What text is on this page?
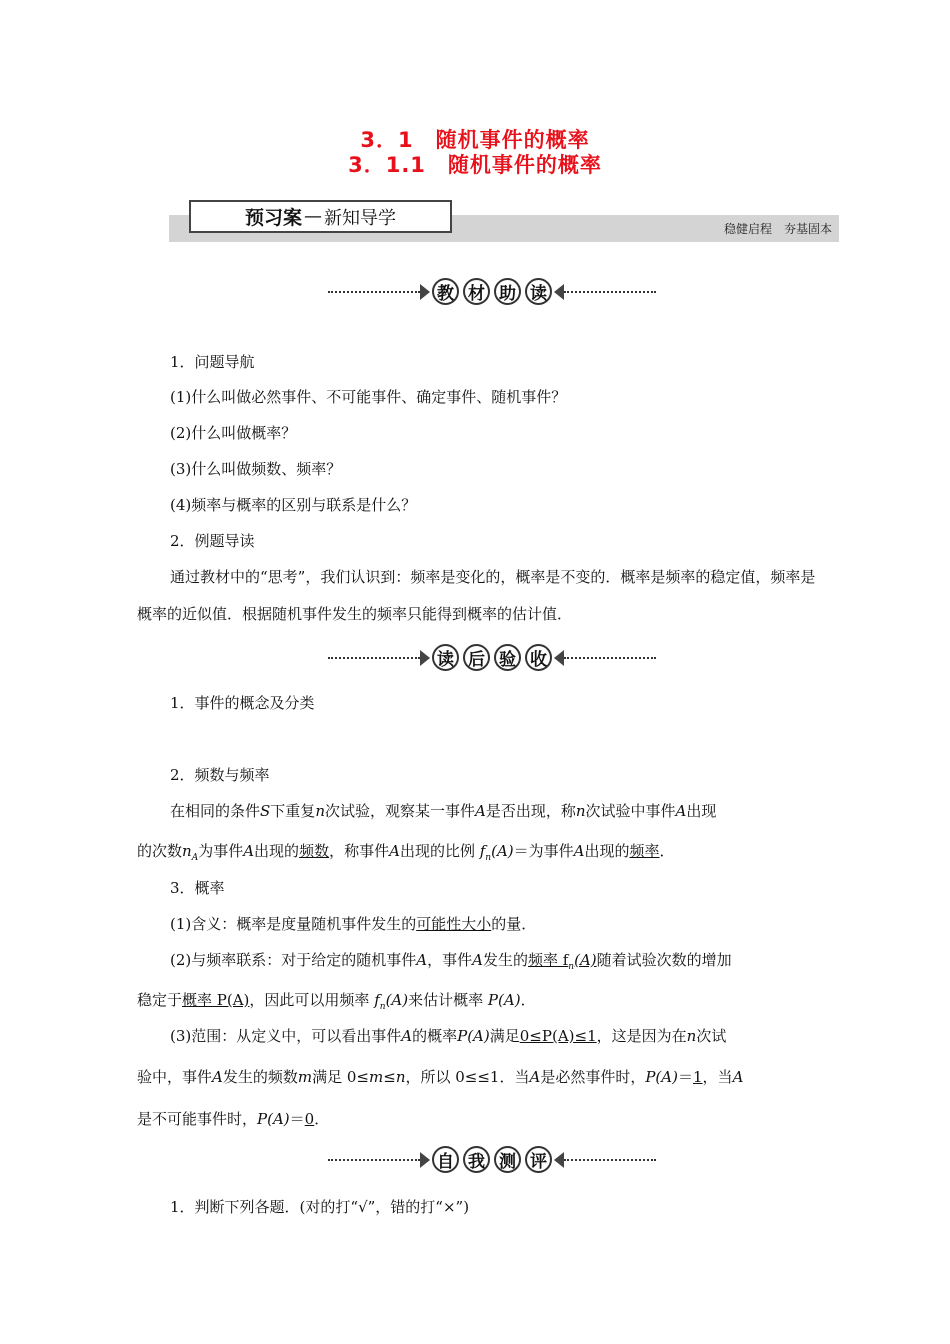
3．1　随机事件的概率
3．1.1　随机事件的概率
预习案 — 新知导学
稳健启程　夯基固本
教 材 助 读
1．问题导航
(1)什么叫做必然事件、不可能事件、确定事件、随机事件？
(2)什么叫做概率？
(3)什么叫做频数、频率？
(4)频率与概率的区别与联系是什么？
2．例题导读
通过教材中的“思考”，我们认识到：频率是变化的，概率是不变的．概率是频率的稳定值，频率是概率的近似值．根据随机事件发生的频率只能得到概率的估计值．
读 后 验 收
1．事件的概念及分类
2．频数与频率
在相同的条件S下重复n次试验，观察某一事件A是否出现，称n次试验中事件A出现
的次数$n_A$为事件A出现的频数，称事件A出现的比例 $f_n(A)=$为事件A出现的频率．
3．概率
(1)含义：概率是度量随机事件发生的可能性大小的量．
(2)与频率联系：对于给定的随机事件A，事件A发生的频率 $f_n(A)$随着试验次数的增加
稳定于概率 P(A)，因此可以用频率 $f_n(A)$来估计概率 P(A)．
(3)范围：从定义中，可以看出事件A的概率P(A)满足0≤P(A)≤1，这是因为在n次试
验中，事件A发生的频数m满足 0≤m≤n，所以 0≤≤1．当A是必然事件时，P(A)＝1，当A
是不可能事件时，P(A)＝0．
自 我 测 评
1．判断下列各题．(对的打“√”，错的打“×”)
